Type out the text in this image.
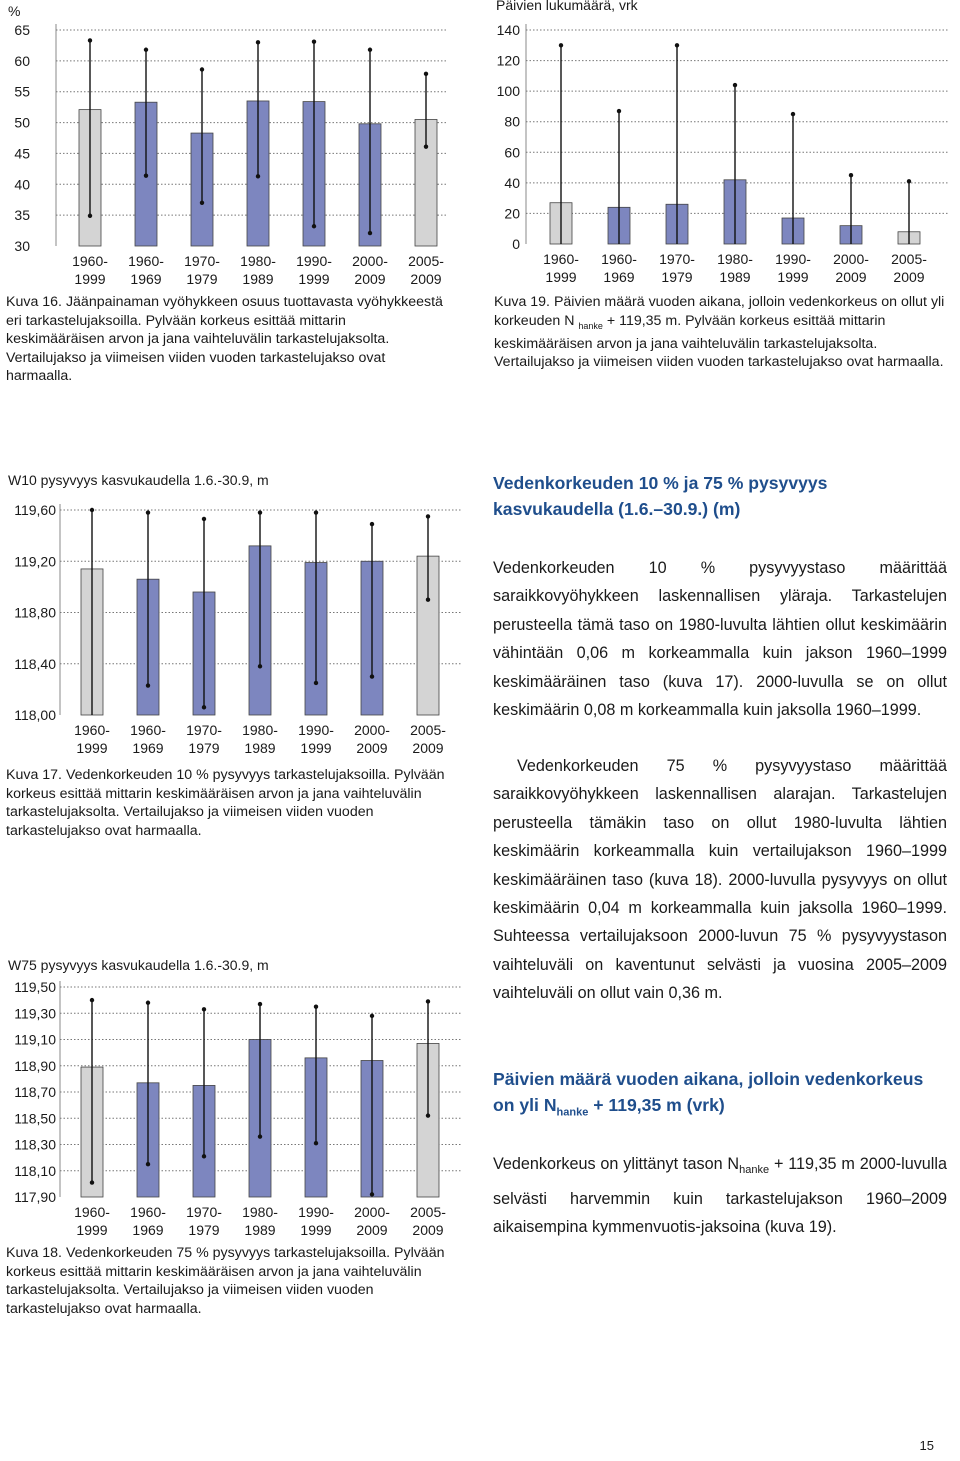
%
30
35
40
45
50
55
60
65
1960-1999
1960-1969
1970-1979
1980-1989
1990-1999
2000-2009
2005-2009

Kuva 16. Jäänpainaman vyöhykkeen osuus tuottavasta vyöhykkeestä eri tarkastelujaksoilla. Pylvään korkeus esittää mittarin keskimääräisen arvon ja jana vaihteluvälin tarkastelujaksolta. Vertailujakso ja viimeisen viiden vuoden tarkastelujakso ovat harmaalla.

Päivien lukumäärä, vrk
0
20
40
60
80
100
120
140
1960-1999
1960-1969
1970-1979
1980-1989
1990-1999
2000-2009
2005-2009

Kuva 19. Päivien määrä vuoden aikana, jolloin vedenkorkeus on ollut yli korkeuden N $_{hanke}$ + 119,35 m. Pylvään korkeus esittää mittarin keskimääräisen arvon ja jana vaihteluvälin tarkastelujaksolta. Vertailujakso ja viimeisen viiden vuoden tarkastelujakso ovat harmaalla.

W10 pysyvyys kasvukaudella 1.6.-30.9, m
118,00
118,40
118,80
119,20
119,60
1960-1999
1960-1969
1970-1979
1980-1989
1990-1999
2000-2009
2005-2009

Kuva 17. Vedenkorkeuden 10 % pysyvyys tarkastelujaksoilla. Pylvään korkeus esittää mittarin keskimääräisen arvon ja jana vaihteluvälin tarkastelujaksolta. Vertailujakso ja viimeisen viiden vuoden tarkastelujakso ovat harmaalla.

W75 pysyvyys kasvukaudella 1.6.-30.9, m
117,90
118,10
118,30
118,50
118,70
118,90
119,10
119,30
119,50
1960-1999
1960-1969
1970-1979
1980-1989
1990-1999
2000-2009
2005-2009

Kuva 18. Vedenkorkeuden 75 % pysyvyys tarkastelujaksoilla. Pylvään korkeus esittää mittarin keskimääräisen arvon ja jana vaihteluvälin tarkastelujaksolta. Vertailujakso ja viimeisen viiden vuoden tarkastelujakso ovat harmaalla.

Vedenkorkeuden 10 % ja 75 % pysyvyys kasvukaudella (1.6.–30.9.) (m)

Vedenkorkeuden 10 % pysyvyystaso määrittää saraikkovyöhykkeen laskennallisen yläraja. Tarkastelujen perusteella tämä taso on 1980-luvulta lähtien ollut keskimäärin vähintään 0,06 m korkeammalla kuin jakson 1960–1999 keskimääräinen taso (kuva 17). 2000-luvulla se on ollut keskimäärin 0,08 m korkeammalla kuin jaksolla 1960–1999.

Vedenkorkeuden 75 % pysyvyystaso määrittää saraikkovyöhykkeen laskennallisen alarajan. Tarkastelujen perusteella tämäkin taso on ollut 1980-luvulta lähtien keskimäärin korkeammalla kuin vertailujakson 1960–1999 keskimääräinen taso (kuva 18). 2000-luvulla pysyvyys on ollut keskimäärin 0,04 m korkeammalla kuin jaksolla 1960–1999. Suhteessa vertailujaksoon 2000-luvun 75 % pysyvyystason vaihteluväli on kaventunut selvästi ja vuosina 2005–2009 vaihteluväli on ollut vain 0,36 m.

Päivien määrä vuoden aikana, jolloin vedenkorkeus on yli $N_{hanke} + 119,35$ m (vrk)

Vedenkorkeus on ylittänyt tason $N_{hanke} + 119,35$ m 2000-luvulla selvästi harvemmin kuin tarkastelujakson 1960–2009 aikaisempina kymmenvuotis-jaksoina (kuva 19).

15
